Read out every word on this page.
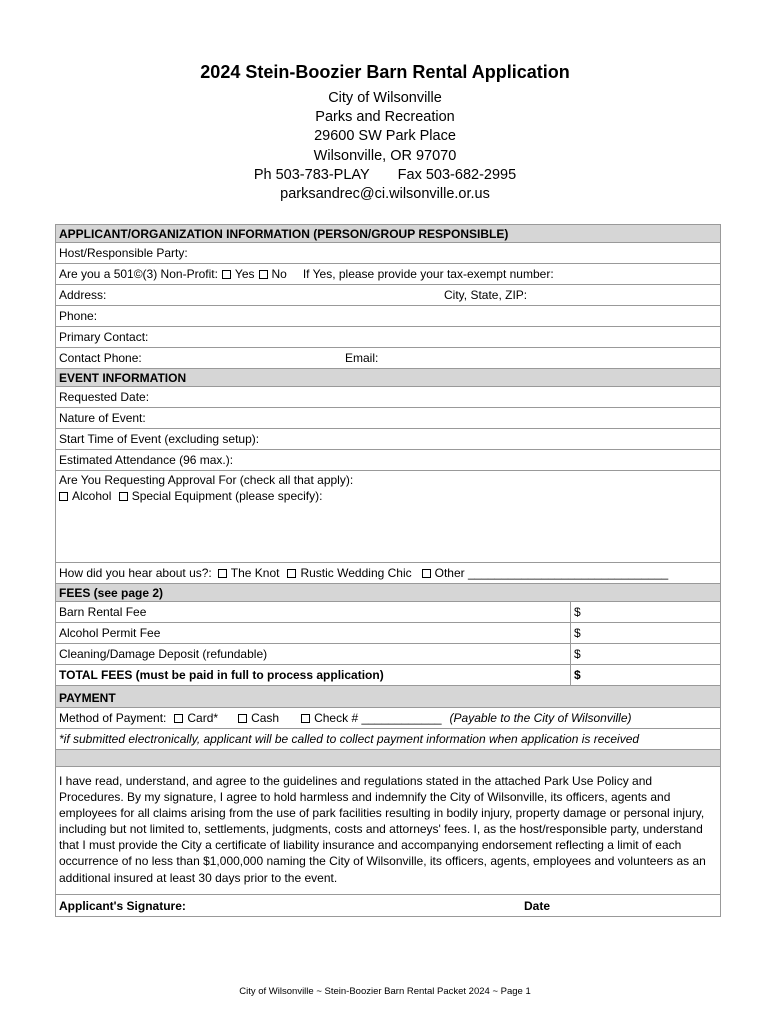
2024 Stein-Boozier Barn Rental Application
City of Wilsonville
Parks and Recreation
29600 SW Park Place
Wilsonville, OR 97070
Ph 503-783-PLAY Fax 503-682-2995
parksandrec@ci.wilsonville.or.us
APPLICANT/ORGANIZATION INFORMATION (PERSON/GROUP RESPONSIBLE)
Host/Responsible Party:
Are you a 501©(3) Non-Profit: Yes No If Yes, please provide your tax-exempt number:
Address:	City, State, ZIP:
Phone:
Primary Contact:
Contact Phone:	Email:
EVENT INFORMATION
Requested Date:
Nature of Event:
Start Time of Event (excluding setup):
Estimated Attendance (96 max.):
Are You Requesting Approval For (check all that apply):
Alcohol Special Equipment (please specify):
How did you hear about us?: The Knot Rustic Wedding Chic Other ______________________________
FEES (see page 2)
Barn Rental Fee	$
Alcohol Permit Fee	$
Cleaning/Damage Deposit (refundable)	$
TOTAL FEES (must be paid in full to process application)	$
PAYMENT
Method of Payment: Card*	Cash	Check # ____________ (Payable to the City of Wilsonville)
*if submitted electronically, applicant will be called to collect payment information when application is received
I have read, understand, and agree to the guidelines and regulations stated in the attached Park Use Policy and Procedures. By my signature, I agree to hold harmless and indemnify the City of Wilsonville, its officers, agents and employees for all claims arising from the use of park facilities resulting in bodily injury, property damage or personal injury, including but not limited to, settlements, judgments, costs and attorneys' fees. I, as the host/responsible party, understand that I must provide the City a certificate of liability insurance and accompanying endorsement reflecting a limit of each occurrence of no less than $1,000,000 naming the City of Wilsonville, its officers, agents, employees and volunteers as an additional insured at least 30 days prior to the event.
Applicant's Signature:	Date
City of Wilsonville ~ Stein-Boozier Barn Rental Packet 2024 ~ Page 1
